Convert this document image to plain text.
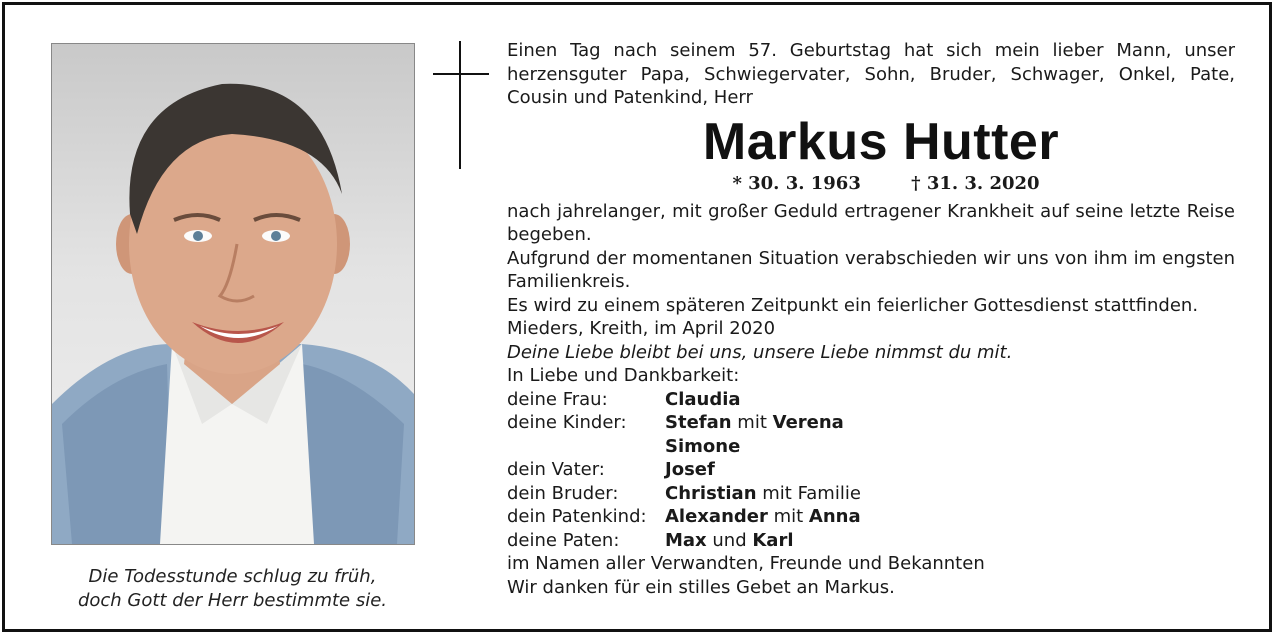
Die Todesstunde schlug zu früh,
doch Gott der Herr bestimmte sie.

Einen Tag nach seinem 57. Geburtstag hat sich mein lieber Mann, unser herzensguter Papa, Schwiegervater, Sohn, Bruder, Schwager, Onkel, Pate, Cousin und Patenkind, Herr

Markus Hutter
* 30. 3. 1963	† 31. 3. 2020

nach jahrelanger, mit großer Geduld ertragener Krankheit auf seine letzte Reise begeben.

Aufgrund der momentanen Situation verabschieden wir uns von ihm im engsten Familienkreis.

Es wird zu einem späteren Zeitpunkt ein feierlicher Gottesdienst stattfinden.

Mieders, Kreith, im April 2020

Deine Liebe bleibt bei uns, unsere Liebe nimmst du mit.

In Liebe und Dankbarkeit:

deine Frau:	Claudia
deine Kinder:	Stefan mit Verena
Simone
dein Vater:	Josef
dein Bruder:	Christian mit Familie
dein Patenkind:	Alexander mit Anna
deine Paten:	Max und Karl

im Namen aller Verwandten, Freunde und Bekannten

Wir danken für ein stilles Gebet an Markus.
